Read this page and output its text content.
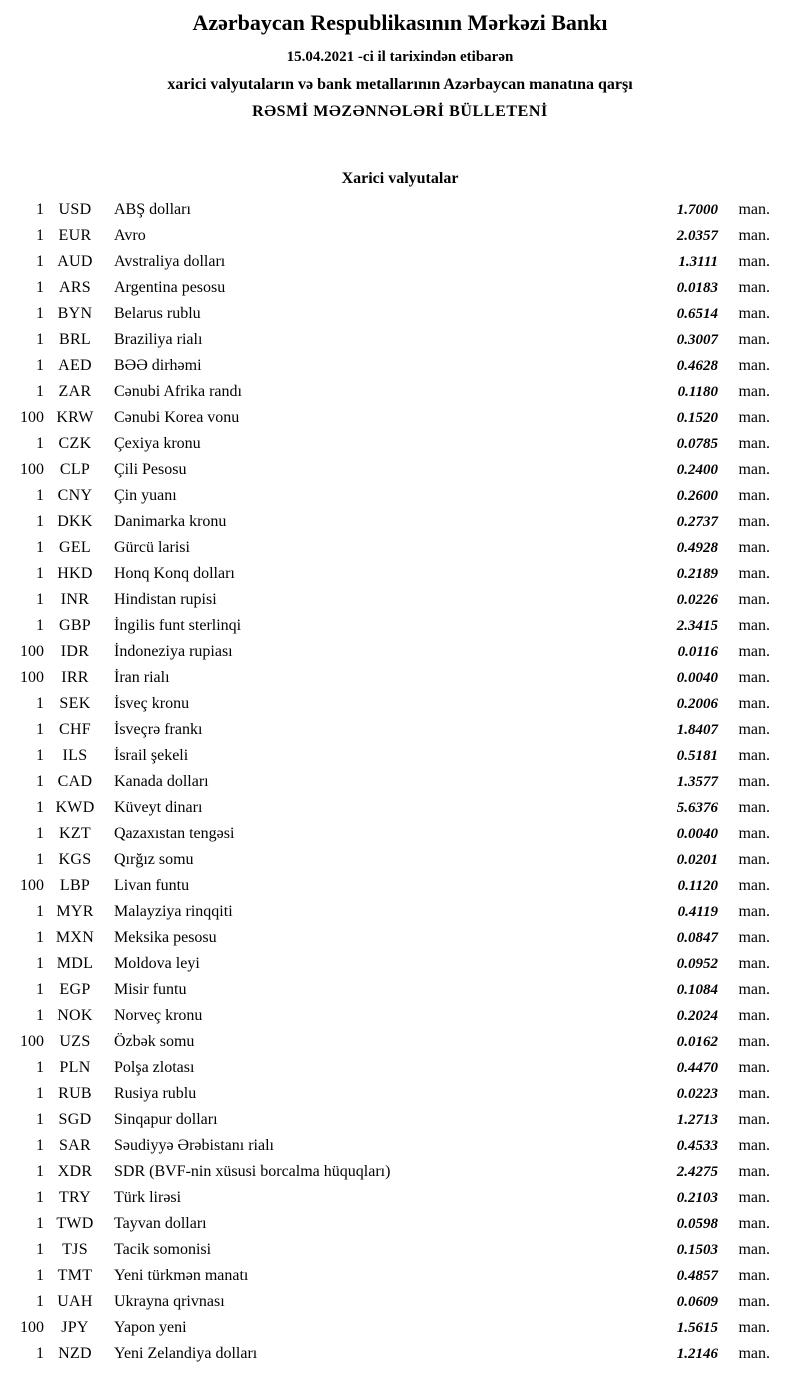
Azərbaycan Respublikasının Mərkəzi Bankı
15.04.2021 -ci il tarixindən etibarən
xarici valyutaların və bank metallarının Azərbaycan manatına qarşı
RƏSMİ MƏZƏNNƏLƏRİ BÜLLETENİ
Xarici valyutalar
1 USD	ABŞ dolları	1.7000	man.
1 EUR	Avro	2.0357	man.
1 AUD	Avstraliya dolları	1.3111	man.
1 ARS	Argentina pesosu	0.0183	man.
1 BYN	Belarus rublu	0.6514	man.
1 BRL	Braziliya rialı	0.3007	man.
1 AED	BƏƏ dirhəmi	0.4628	man.
1 ZAR	Cənubi Afrika randı	0.1180	man.
100 KRW	Cənubi Korea vonu	0.1520	man.
1 CZK	Çexiya kronu	0.0785	man.
100 CLP	Çili Pesosu	0.2400	man.
1 CNY	Çin yuanı	0.2600	man.
1 DKK	Danimarka kronu	0.2737	man.
1 GEL	Gürcü larisi	0.4928	man.
1 HKD	Honq Konq dolları	0.2189	man.
1	INR	Hindistan rupisi	0.0226	man.
1 GBP	İngilis funt sterlinqi	2.3415	man.
100	IDR	İndoneziya rupiası	0.0116	man.
100	IRR	İran rialı	0.0040	man.
1 SEK	İsveç kronu	0.2006	man.
1 CHF	İsveçrə frankı	1.8407	man.
1	ILS	İsrail şekeli	0.5181	man.
1 CAD	Kanada dolları	1.3577	man.
1 KWD	Küveyt dinarı	5.6376	man.
1 KZT	Qazaxıstan tengəsi	0.0040	man.
1 KGS	Qırğız somu	0.0201	man.
100 LBP	Livan funtu	0.1120	man.
1 MYR	Malayziya rinqqiti	0.4119	man.
1 MXN	Meksika pesosu	0.0847	man.
1 MDL	Moldova leyi	0.0952	man.
1 EGP	Misir funtu	0.1084	man.
1 NOK	Norveç kronu	0.2024	man.
100 UZS	Özbək somu	0.0162	man.
1 PLN	Polşa zlotası	0.4470	man.
1 RUB	Rusiya rublu	0.0223	man.
1 SGD	Sinqapur dolları	1.2713	man.
1 SAR	Səudiyyə Ərəbistanı rialı	0.4533	man.
1 XDR	SDR (BVF-nin xüsusi borcalma hüquqları)	2.4275	man.
1 TRY	Türk lirəsi	0.2103	man.
1 TWD	Tayvan dolları	0.0598	man.
1	TJS	Tacik somonisi	0.1503	man.
1 TMT	Yeni türkmən manatı	0.4857	man.
1 UAH	Ukrayna qrivnası	0.0609	man.
100	JPY	Yapon yeni	1.5615	man.
1 NZD	Yeni Zelandiya dolları	1.2146	man.
